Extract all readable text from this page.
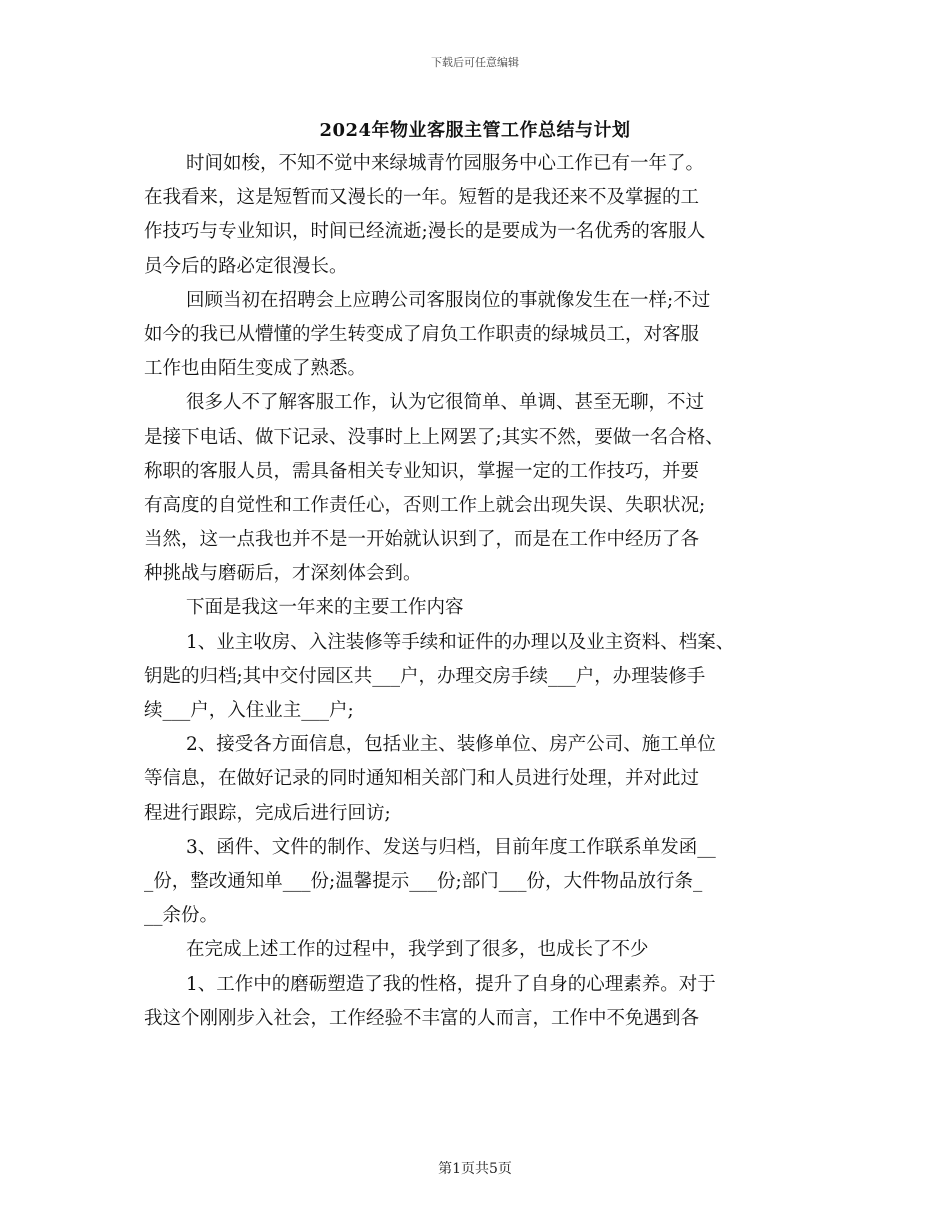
下载后可任意编辑
2024年物业客服主管工作总结与计划
时间如梭，不知不觉中来绿城青竹园服务中心工作已有一年了。
在我看来，这是短暂而又漫长的一年。短暂的是我还来不及掌握的工
作技巧与专业知识，时间已经流逝;漫长的是要成为一名优秀的客服人
员今后的路必定很漫长。
回顾当初在招聘会上应聘公司客服岗位的事就像发生在一样;不过
如今的我已从懵懂的学生转变成了肩负工作职责的绿城员工，对客服
工作也由陌生变成了熟悉。
很多人不了解客服工作，认为它很简单、单调、甚至无聊，不过
是接下电话、做下记录、没事时上上网罢了;其实不然，要做一名合格、
称职的客服人员，需具备相关专业知识，掌握一定的工作技巧，并要
有高度的自觉性和工作责任心，否则工作上就会出现失误、失职状况;
当然，这一点我也并不是一开始就认识到了，而是在工作中经历了各
种挑战与磨砺后，才深刻体会到。
下面是我这一年来的主要工作内容
1、业主收房、入注装修等手续和证件的办理以及业主资料、档案、
钥匙的归档;其中交付园区共___户，办理交房手续___户，办理装修手
续___户，入住业主___户;
2、接受各方面信息，包括业主、装修单位、房产公司、施工单位
等信息，在做好记录的同时通知相关部门和人员进行处理，并对此过
程进行跟踪，完成后进行回访;
3、函件、文件的制作、发送与归档，目前年度工作联系单发函__
_份，整改通知单___份;温馨提示___份;部门___份，大件物品放行条_
__余份。
在完成上述工作的过程中，我学到了很多，也成长了不少
1、工作中的磨砺塑造了我的性格，提升了自身的心理素养。对于
我这个刚刚步入社会，工作经验不丰富的人而言，工作中不免遇到各
第1页共5页
